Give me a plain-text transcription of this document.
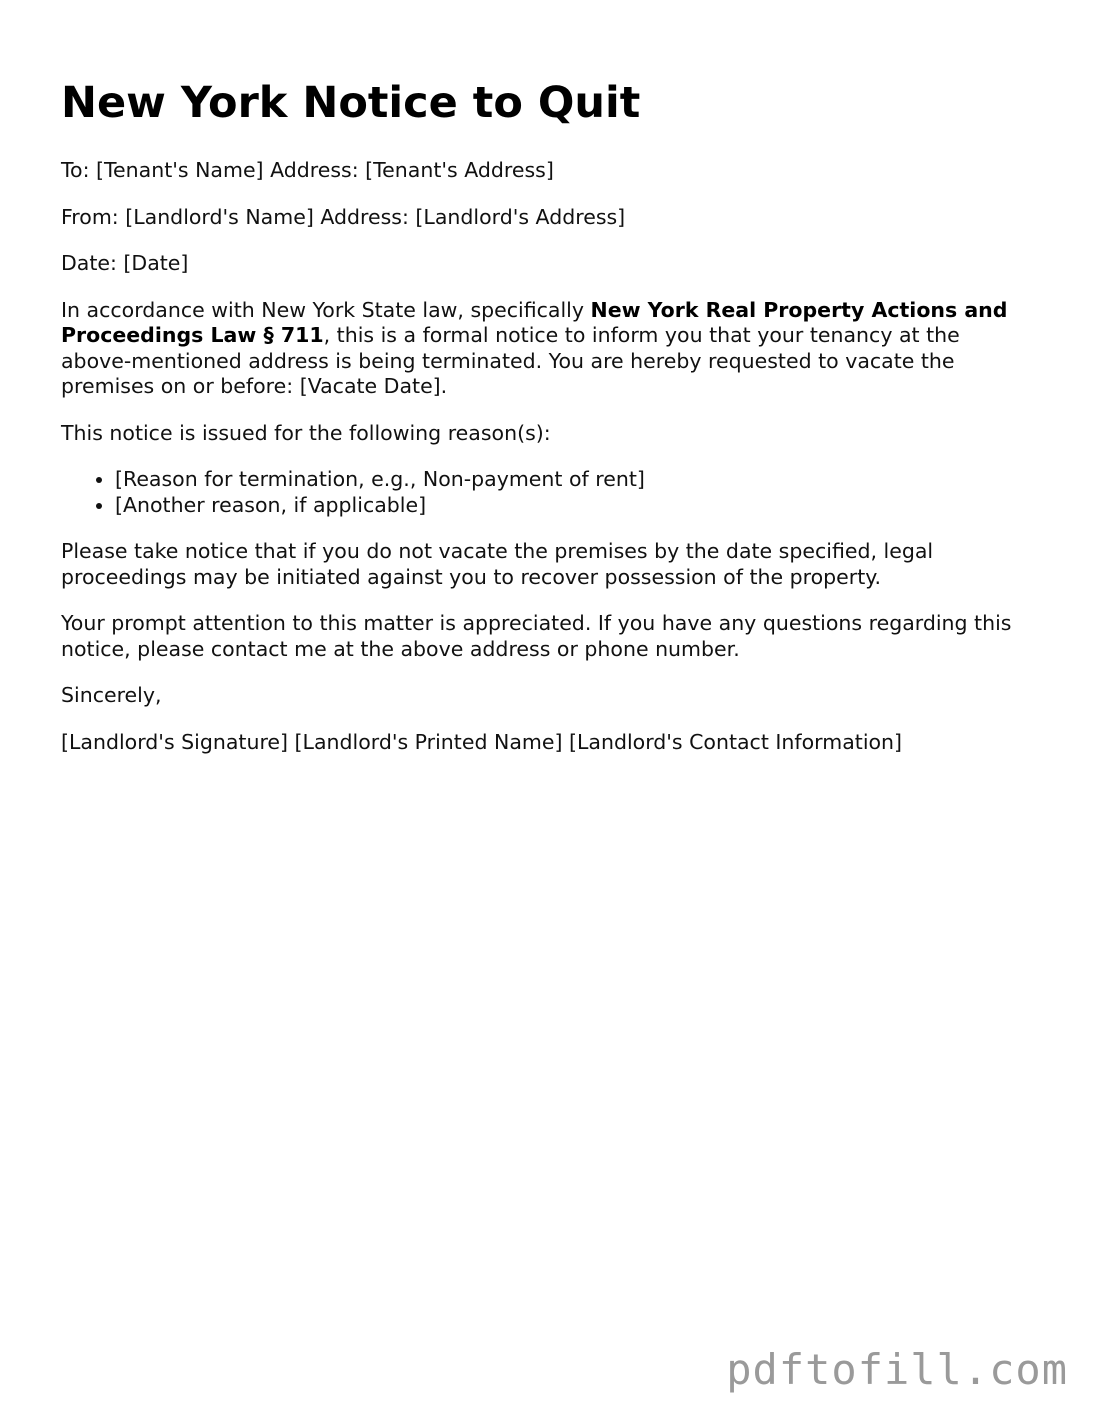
New York Notice to Quit

To: [Tenant's Name] Address: [Tenant's Address]

From: [Landlord's Name] Address: [Landlord's Address]

Date: [Date]

In accordance with New York State law, specifically New York Real Property Actions and Proceedings Law § 711, this is a formal notice to inform you that your tenancy at the above-mentioned address is being terminated. You are hereby requested to vacate the premises on or before: [Vacate Date].

This notice is issued for the following reason(s):

• [Reason for termination, e.g., Non-payment of rent]
• [Another reason, if applicable]

Please take notice that if you do not vacate the premises by the date specified, legal proceedings may be initiated against you to recover possession of the property.

Your prompt attention to this matter is appreciated. If you have any questions regarding this notice, please contact me at the above address or phone number.

Sincerely,

[Landlord's Signature] [Landlord's Printed Name] [Landlord's Contact Information]

pdftofill.com
